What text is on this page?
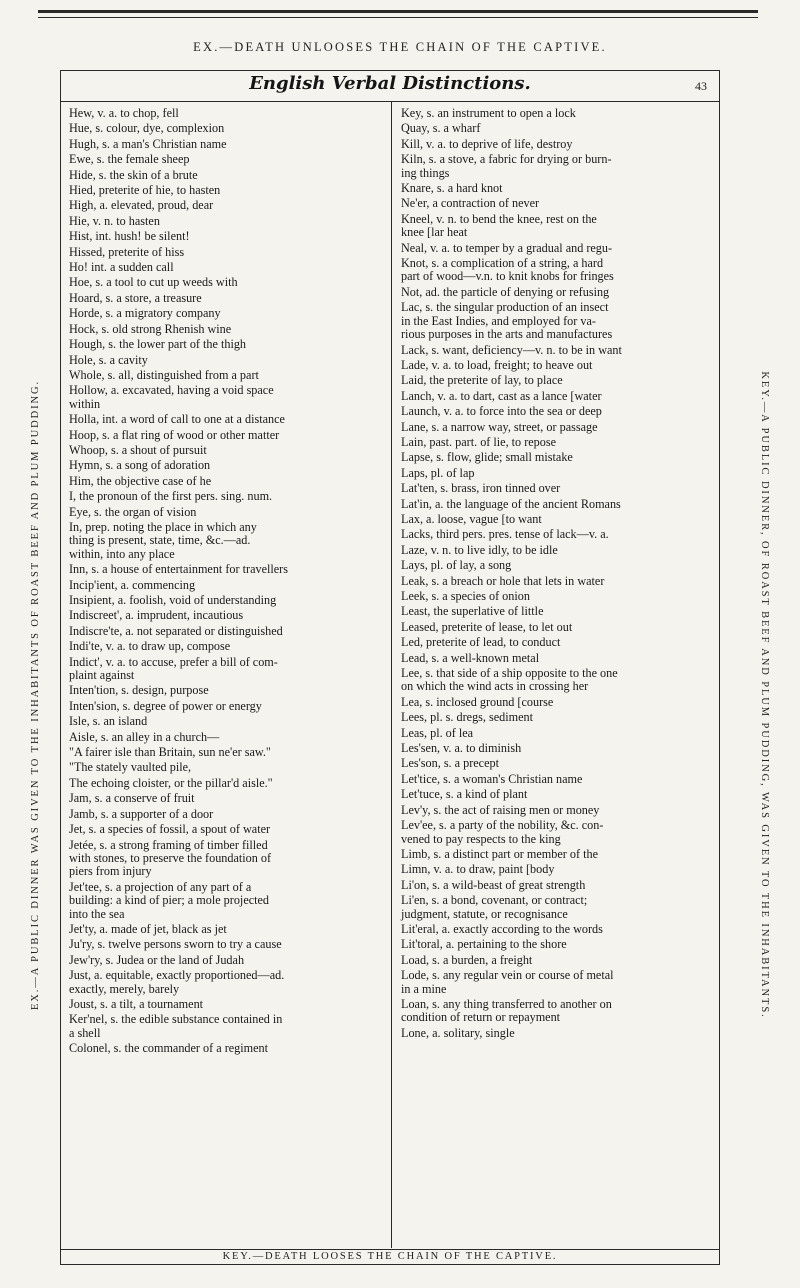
EX.—DEATH UNLOOSES THE CHAIN OF THE CAPTIVE.
EX.—A PUBLIC DINNER WAS GIVEN TO THE INHABITANTS OF ROAST BEEF AND PLUM PUDDING.	KEY.—A PUBLIC DINNER, OF ROAST BEEF AND PLUM PUDDING, WAS GIVEN TO THE INHABITANTS.
English Verbal Distinctions.	43
Hew, v. a. to chop, fell
Hue, s. colour, dye, complexion
Hugh, s. a man's Christian name
Ewe, s. the female sheep
Hide, s. the skin of a brute
Hied, preterite of hie, to hasten
High, a. elevated, proud, dear
Hie, v. n. to hasten
Hist, int. hush! be silent!
Hissed, preterite of hiss
Ho! int. a sudden call
Hoe, s. a tool to cut up weeds with
Hoard, s. a store, a treasure
Horde, s. a migratory company
Hock, s. old strong Rhenish wine
Hough, s. the lower part of the thigh
Hole, s. a cavity
Whole, s. all, distinguished from a part
Hollow, a. excavated, having a void space
within
Holla, int. a word of call to one at a distance
Hoop, s. a flat ring of wood or other matter
Whoop, s. a shout of pursuit
Hymn, s. a song of adoration
Him, the objective case of he
I, the pronoun of the first pers. sing. num.
Eye, s. the organ of vision
In, prep. noting the place in which any
thing is present, state, time, &c.—ad.
within, into any place
Inn, s. a house of entertainment for travellers
Incip'ient, a. commencing
Insipient, a. foolish, void of understanding
Indiscreet', a. imprudent, incautious
Indiscre'te, a. not separated or distinguished
Indi'te, v. a. to draw up, compose
Indict', v. a. to accuse, prefer a bill of com-
plaint against
Inten'tion, s. design, purpose
Inten'sion, s. degree of power or energy
Isle, s. an island
Aisle, s. an alley in a church—
"A fairer isle than Britain, sun ne'er saw."
"The stately vaulted pile,
The echoing cloister, or the pillar'd aisle."
Jam, s. a conserve of fruit
Jamb, s. a supporter of a door
Jet, s. a species of fossil, a spout of water
Jetée, s. a strong framing of timber filled
with stones, to preserve the foundation of
piers from injury
Jet'tee, s. a projection of any part of a
building: a kind of pier; a mole projected
into the sea
Jet'ty, a. made of jet, black as jet
Ju'ry, s. twelve persons sworn to try a cause
Jew'ry, s. Judea or the land of Judah
Just, a. equitable, exactly proportioned—ad.
exactly, merely, barely
Joust, s. a tilt, a tournament
Ker'nel, s. the edible substance contained in
a shell
Colonel, s. the commander of a regiment
Key, s. an instrument to open a lock
Quay, s. a wharf
Kill, v. a. to deprive of life, destroy
Kiln, s. a stove, a fabric for drying or burn-
ing things
Knare, s. a hard knot
Ne'er, a contraction of never
Kneel, v. n. to bend the knee, rest on the
knee [lar heat
Neal, v. a. to temper by a gradual and regu-
Knot, s. a complication of a string, a hard
part of wood—v.n. to knit knobs for fringes
Not, ad. the particle of denying or refusing
Lac, s. the singular production of an insect
in the East Indies, and employed for va-
rious purposes in the arts and manufactures
Lack, s. want, deficiency—v. n. to be in want
Lade, v. a. to load, freight; to heave out
Laid, the preterite of lay, to place
Lanch, v. a. to dart, cast as a lance [water
Launch, v. a. to force into the sea or deep
Lane, s. a narrow way, street, or passage
Lain, past. part. of lie, to repose
Lapse, s. flow, glide; small mistake
Laps, pl. of lap
Lat'ten, s. brass, iron tinned over
Lat'in, a. the language of the ancient Romans
Lax, a. loose, vague [to want
Lacks, third pers. pres. tense of lack—v. a.
Laze, v. n. to live idly, to be idle
Lays, pl. of lay, a song
Leak, s. a breach or hole that lets in water
Leek, s. a species of onion
Least, the superlative of little
Leased, preterite of lease, to let out
Led, preterite of lead, to conduct
Lead, s. a well-known metal
Lee, s. that side of a ship opposite to the one
on which the wind acts in crossing her
Lea, s. inclosed ground [course
Lees, pl. s. dregs, sediment
Leas, pl. of lea
Les'sen, v. a. to diminish
Les'son, s. a precept
Let'tice, s. a woman's Christian name
Let'tuce, s. a kind of plant
Lev'y, s. the act of raising men or money
Lev'ee, s. a party of the nobility, &c. con-
vened to pay respects to the king
Limb, s. a distinct part or member of the
Limn, v. a. to draw, paint [body
Li'on, s. a wild-beast of great strength
Li'en, s. a bond, covenant, or contract;
judgment, statute, or recognisance
Lit'eral, a. exactly according to the words
Lit'toral, a. pertaining to the shore
Load, s. a burden, a freight
Lode, s. any regular vein or course of metal
in a mine
Loan, s. any thing transferred to another on
condition of return or repayment
Lone, a. solitary, single
KEY.—DEATH LOOSES THE CHAIN OF THE CAPTIVE.
